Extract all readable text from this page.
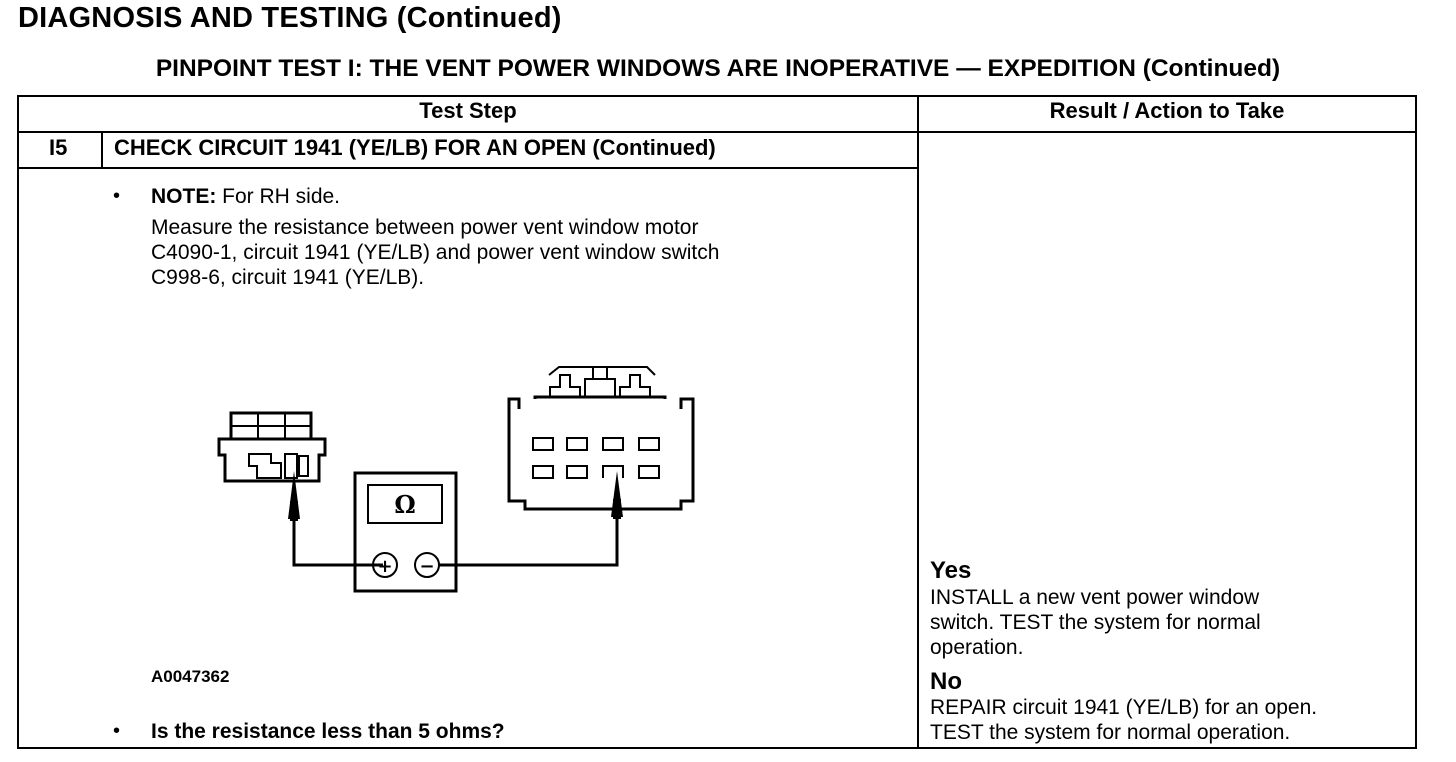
DIAGNOSIS AND TESTING (Continued)
PINPOINT TEST I: THE VENT POWER WINDOWS ARE INOPERATIVE — EXPEDITION (Continued)
Test Step	Result / Action to Take
I5 CHECK CIRCUIT 1941 (YE/LB) FOR AN OPEN (Continued)
• NOTE: For RH side.
Measure the resistance between power vent window motor
C4090-1, circuit 1941 (YE/LB) and power vent window switch
C998-6, circuit 1941 (YE/LB).
Ω
+ −
A0047362
• Is the resistance less than 5 ohms?
Yes
INSTALL a new vent power window
switch. TEST the system for normal
operation.
No
REPAIR circuit 1941 (YE/LB) for an open.
TEST the system for normal operation.
